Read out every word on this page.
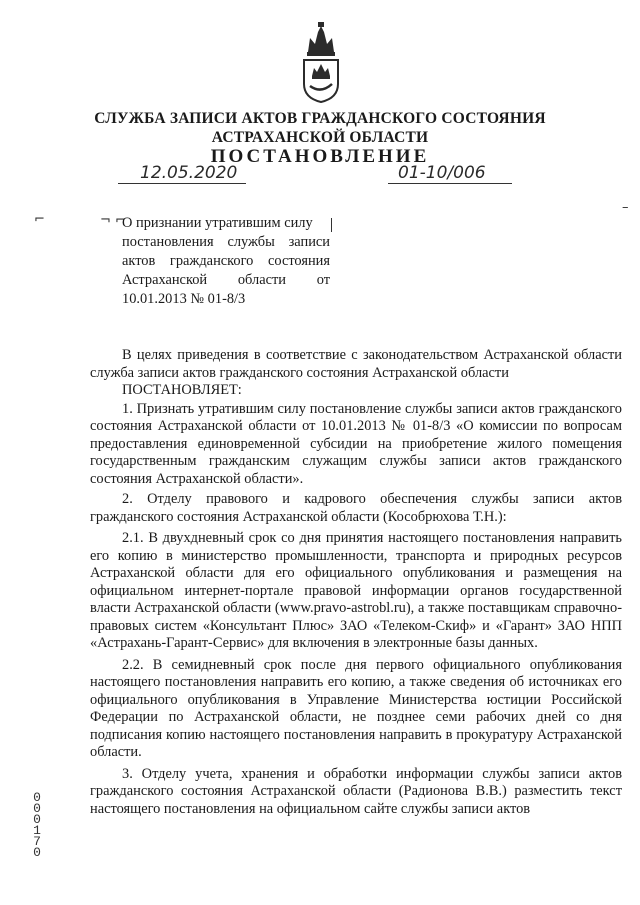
СЛУЖБА ЗАПИСИ АКТОВ ГРАЖДАНСКОГО СОСТОЯНИЯ
АСТРАХАНСКОЙ ОБЛАСТИ
ПОСТАНОВЛЕНИЕ
12.05.2020	01-10/006
⌐	¬ ⌐
–
О признании утратившим силу
постановления службы записи
актов гражданского состояния
Астраханской области от
10.01.2013 № 01-8/3

В целях приведения в соответствие с законодательством Астраханской области служба записи актов гражданского состояния Астраханской области

ПОСТАНОВЛЯЕТ:

1. Признать утратившим силу постановление службы записи актов гражданского состояния Астраханской области от 10.01.2013 № 01-8/3 «О комиссии по вопросам предоставления единовременной субсидии на приобретение жилого помещения государственным гражданским служащим службы записи актов гражданского состояния Астраханской области».

2. Отделу правового и кадрового обеспечения службы записи актов гражданского состояния Астраханской области (Кособрюхова Т.Н.):

2.1. В двухдневный срок со дня принятия настоящего постановления направить его копию в министерство промышленности, транспорта и природных ресурсов Астраханской области для его официального опубликования и размещения на официальном интернет-портале правовой информации органов государственной власти Астраханской области (www.pravo-astrobl.ru), а также поставщикам справочно-правовых систем «Консультант Плюс» ЗАО «Телеком-Скиф» и «Гарант» ЗАО НПП «Астрахань-Гарант-Сервис» для включения в электронные базы данных.

2.2. В семидневный срок после дня первого официального опубликования настоящего постановления направить его копию, а также сведения об источниках его официального опубликования в Управление Министерства юстиции Российской Федерации по Астраханской области, не позднее семи рабочих дней со дня подписания копию настоящего постановления направить в прокуратуру Астраханской области.

3. Отделу учета, хранения и обработки информации службы записи актов гражданского состояния Астраханской области (Радионова В.В.) разместить текст настоящего постановления на официальном сайте службы записи актов

0
0
0
1
7
0
